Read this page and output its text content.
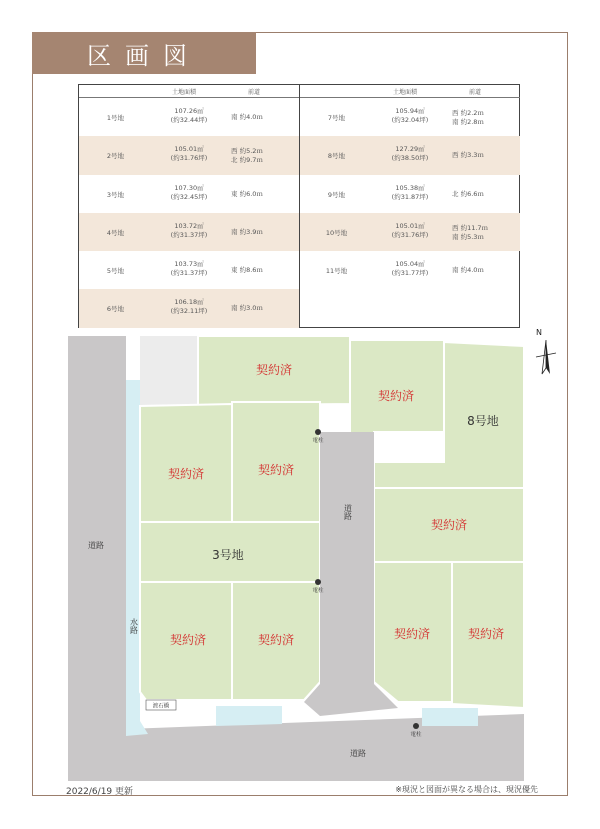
区画図
土地面積	前道
1号地
107.26㎡
(約32.44坪)	南 約4.0ｍ
2号地
105.01㎡
(約31.76坪)
西 約5.2ｍ
北 約9.7ｍ
3号地
107.30㎡
(約32.45坪)	東 約6.0ｍ
4号地
103.72㎡
(約31.37坪)	南 約3.9ｍ
5号地
103.73㎡
(約31.37坪)	東 約8.6ｍ
6号地
106.18㎡
(約32.11坪)	南 約3.0ｍ
土地面積	前道
7号地
105.94㎡
(約32.04坪)
西 約2.2ｍ
南 約2.8ｍ
8号地
127.29㎡
(約38.50坪)	西 約3.3ｍ
9号地
105.38㎡
(約31.87坪)	北 約6.6ｍ
10号地
105.01㎡
(約31.76坪)
西 約11.7ｍ
南 約5.3ｍ
11号地
105.04㎡
(約31.77坪)	南 約4.0ｍ
契約済
契約済	契約済
契約済
契約済
契約済	契約済	契約済	契約済
3号地
8号地
道路
道路
水路
道路
電柱
電柱
電柱
渡石橋
N
2022/6/19 更新	※現況と図面が異なる場合は、現況優先
